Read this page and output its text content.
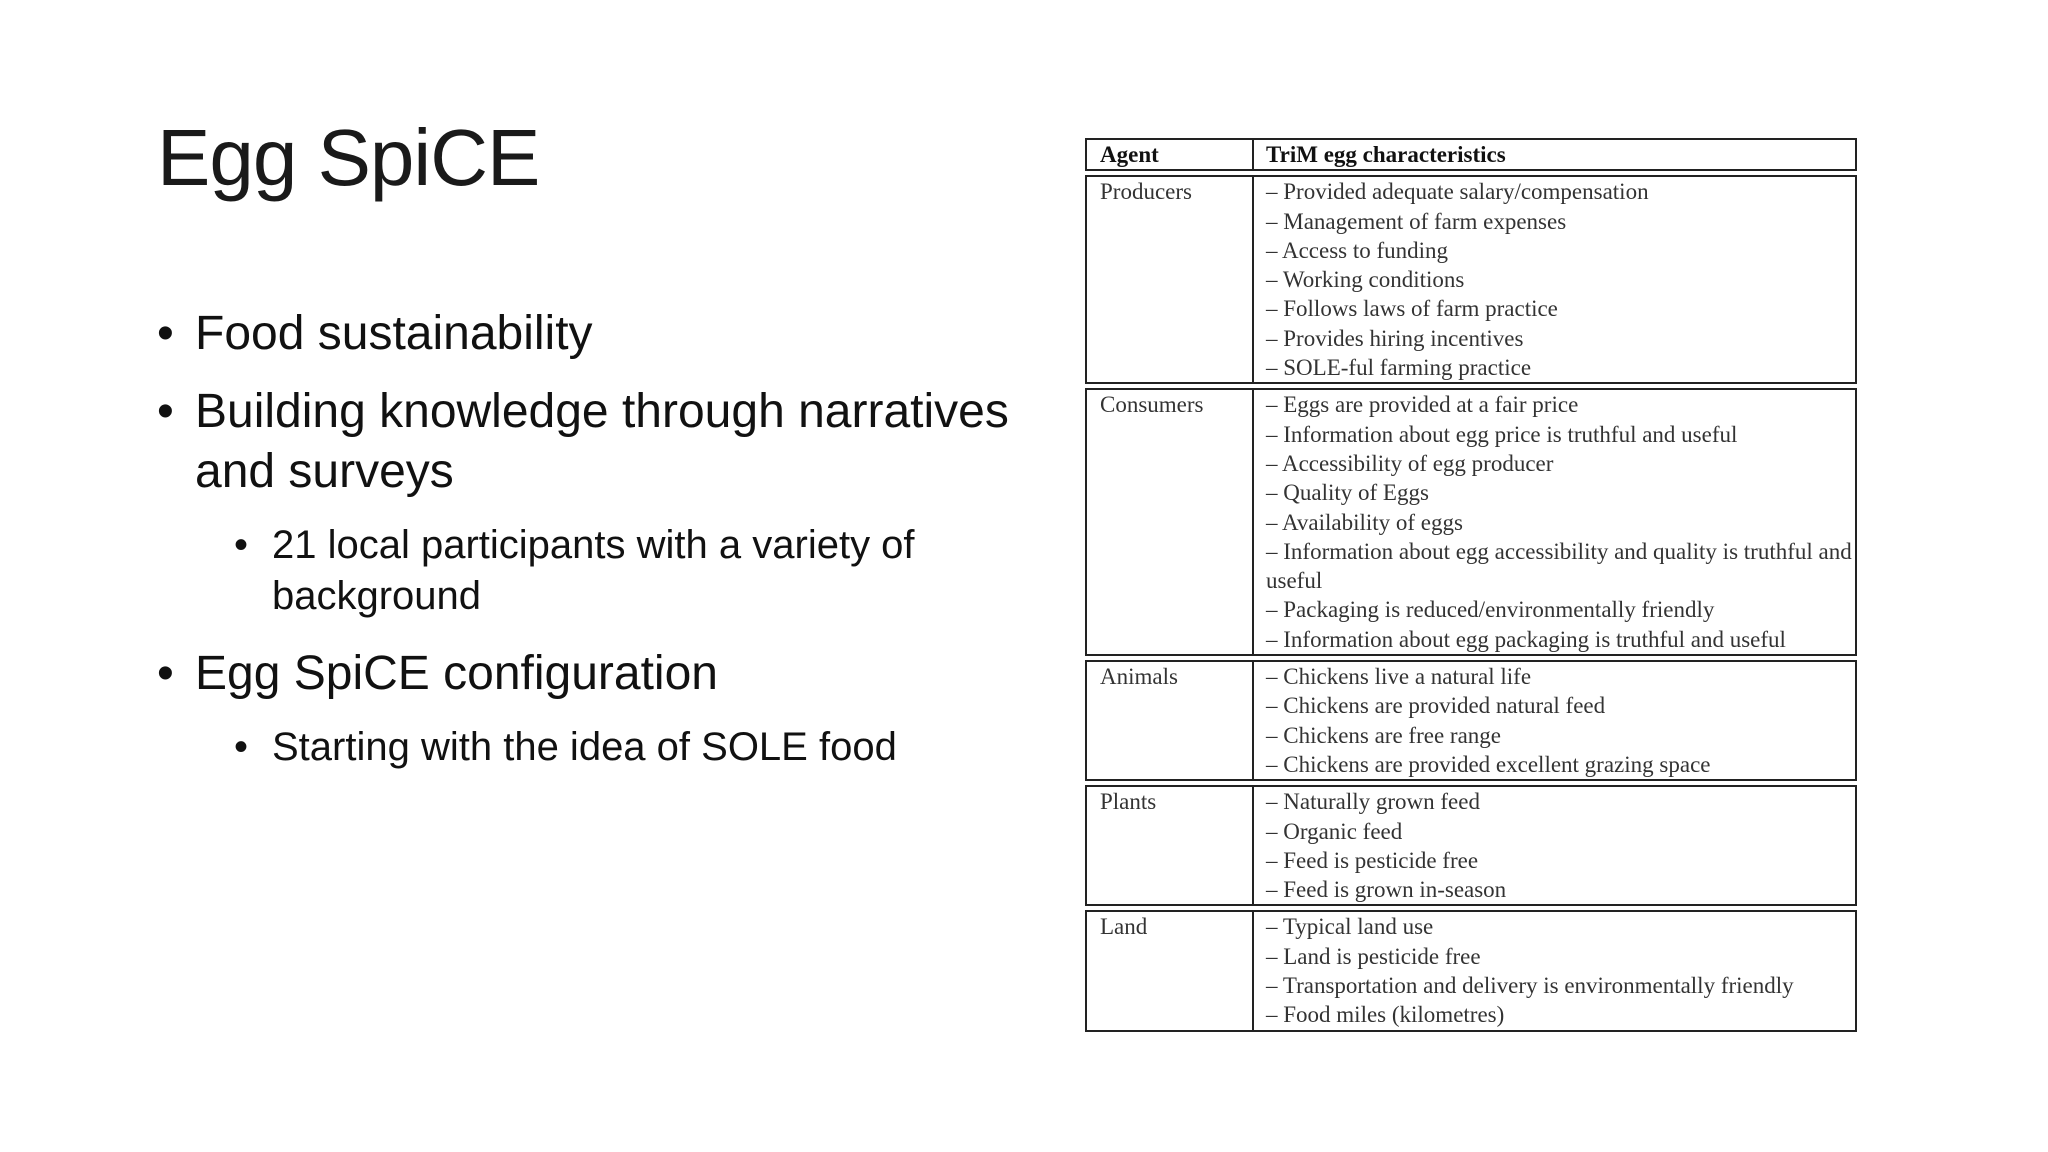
Egg SpiCE
• Food sustainability
• Building knowledge through narratives and surveys
• 21 local participants with a variety of background
• Egg SpiCE configuration
• Starting with the idea of SOLE food
Agent	TriM egg characteristics
Producers	– Provided adequate salary/compensation
– Management of farm expenses
– Access to funding
– Working conditions
– Follows laws of farm practice
– Provides hiring incentives
– SOLE-ful farming practice
Consumers	– Eggs are provided at a fair price
– Information about egg price is truthful and useful
– Accessibility of egg producer
– Quality of Eggs
– Availability of eggs
– Information about egg accessibility and quality is truthful and useful
– Packaging is reduced/environmentally friendly
– Information about egg packaging is truthful and useful
Animals	– Chickens live a natural life
– Chickens are provided natural feed
– Chickens are free range
– Chickens are provided excellent grazing space
Plants	– Naturally grown feed
– Organic feed
– Feed is pesticide free
– Feed is grown in-season
Land	– Typical land use
– Land is pesticide free
– Transportation and delivery is environmentally friendly
– Food miles (kilometres)
